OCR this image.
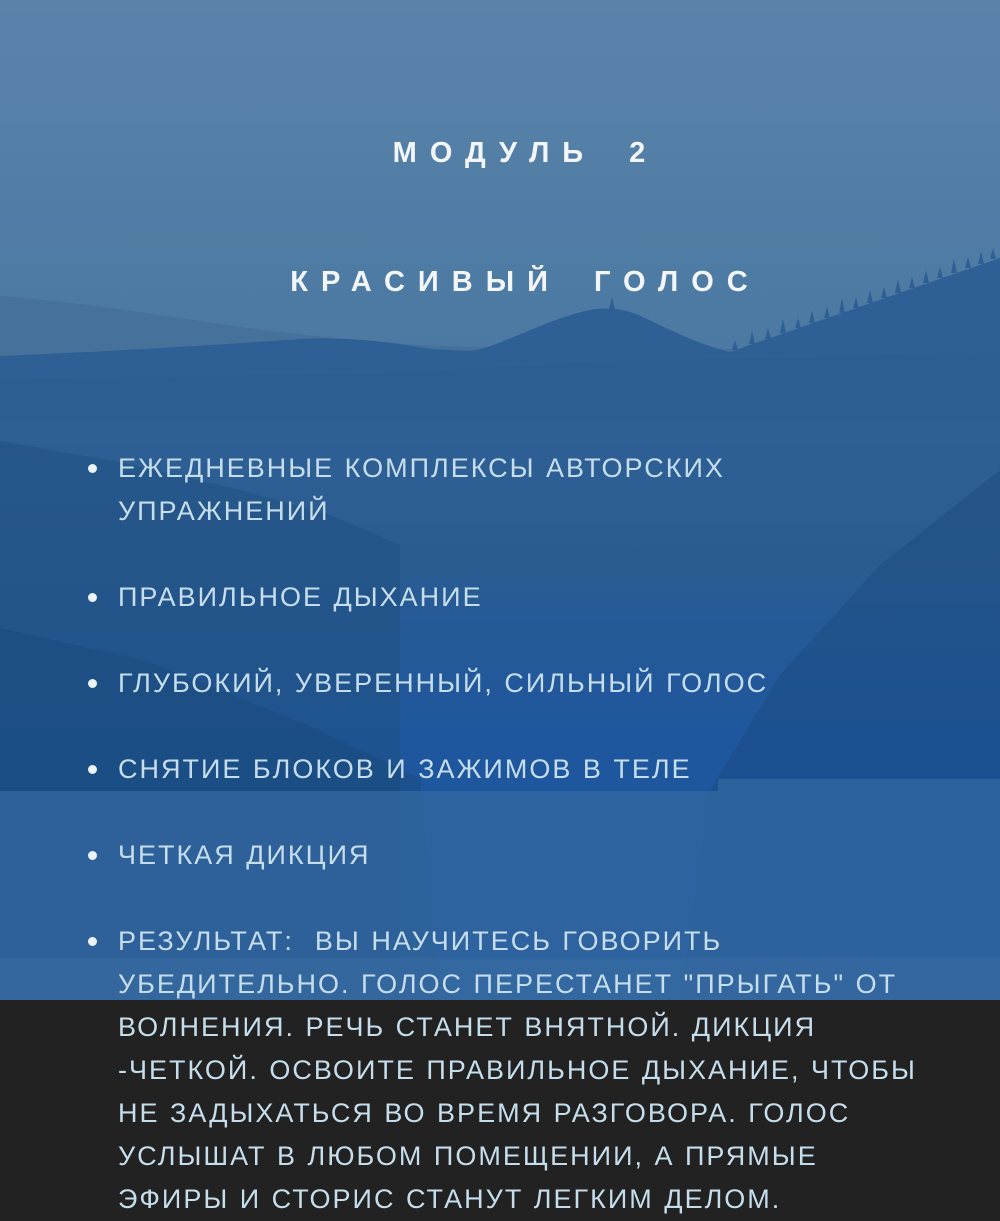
МОДУЛЬ 2

КРАСИВЫЙ ГОЛОС

ЕЖЕДНЕВНЫЕ КОМПЛЕКСЫ АВТОРСКИХ
УПРАЖНЕНИЙ
ПРАВИЛЬНОЕ ДЫХАНИЕ
ГЛУБОКИЙ, УВЕРЕННЫЙ, СИЛЬНЫЙ ГОЛОС
СНЯТИЕ БЛОКОВ И ЗАЖИМОВ В ТЕЛЕ
ЧЕТКАЯ ДИКЦИЯ
РЕЗУЛЬТАТ:  ВЫ НАУЧИТЕСЬ ГОВОРИТЬ
УБЕДИТЕЛЬНО. ГОЛОС ПЕРЕСТАНЕТ "ПРЫГАТЬ" ОТ
ВОЛНЕНИЯ. РЕЧЬ СТАНЕТ ВНЯТНОЙ. ДИКЦИЯ
-ЧЕТКОЙ. ОСВОИТЕ ПРАВИЛЬНОЕ ДЫХАНИЕ, ЧТОБЫ
НЕ ЗАДЫХАТЬСЯ ВО ВРЕМЯ РАЗГОВОРА. ГОЛОС
УСЛЫШАТ В ЛЮБОМ ПОМЕЩЕНИИ, А ПРЯМЫЕ
ЭФИРЫ И СТОРИС СТАНУТ ЛЕГКИМ ДЕЛОМ.
